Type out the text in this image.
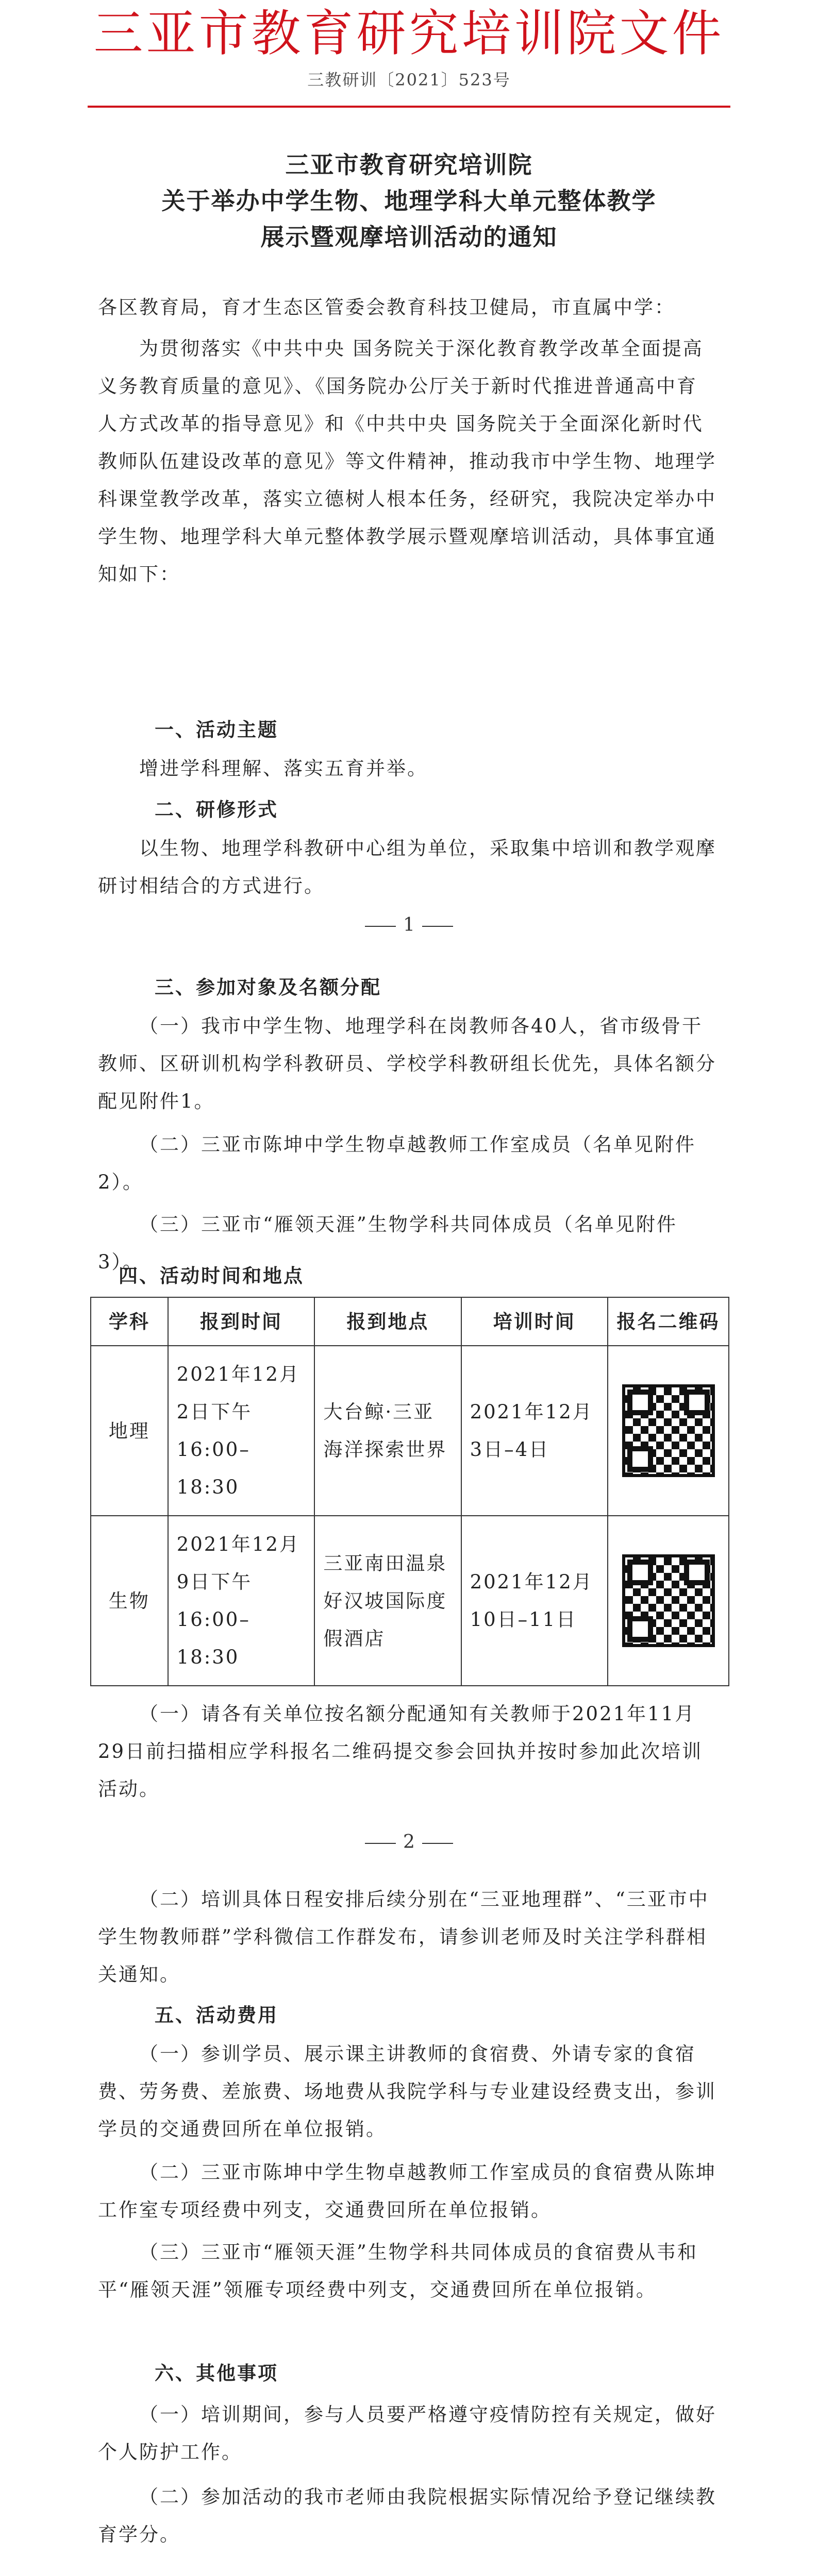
三亚市教育研究培训院文件
三教研训〔2021〕523号
三亚市教育研究培训院
关于举办中学生物、地理学科大单元整体教学
展示暨观摩培训活动的通知
各区教育局，育才生态区管委会教育科技卫健局，市直属中学：
为贯彻落实《中共中央 国务院关于深化教育教学改革全面提高义务教育质量的意见》、《国务院办公厅关于新时代推进普通高中育人方式改革的指导意见》和《中共中央 国务院关于全面深化新时代教师队伍建设改革的意见》等文件精神，推动我市中学生物、地理学科课堂教学改革，落实立德树人根本任务，经研究，我院决定举办中学生物、地理学科大单元整体教学展示暨观摩培训活动，具体事宜通知如下：
一、活动主题
增进学科理解、落实五育并举。
二、研修形式
以生物、地理学科教研中心组为单位，采取集中培训和教学观摩研讨相结合的方式进行。
1
三、参加对象及名额分配
（一）我市中学生物、地理学科在岗教师各40人，省市级骨干教师、区研训机构学科教研员、学校学科教研组长优先，具体名额分配见附件1。
（二）三亚市陈坤中学生物卓越教师工作室成员（名单见附件2）。
（三）三亚市“雁领天涯”生物学科共同体成员（名单见附件3）。
四、活动时间和地点
学科	报到时间	报到地点	培训时间	报名二维码
地理	2021年12月2日下午16:00–18:30	大台鲸·三亚海洋探索世界	2021年12月3日–4日	

生物	2021年12月9日下午16:00–18:30	三亚南田温泉好汉坡国际度假酒店	2021年12月10日–11日	
（一）请各有关单位按名额分配通知有关教师于2021年11月29日前扫描相应学科报名二维码提交参会回执并按时参加此次培训活动。
2
（二）培训具体日程安排后续分别在“三亚地理群”、“三亚市中学生物教师群”学科微信工作群发布，请参训老师及时关注学科群相关通知。
五、活动费用
（一）参训学员、展示课主讲教师的食宿费、外请专家的食宿费、劳务费、差旅费、场地费从我院学科与专业建设经费支出，参训学员的交通费回所在单位报销。
（二）三亚市陈坤中学生物卓越教师工作室成员的食宿费从陈坤工作室专项经费中列支，交通费回所在单位报销。
（三）三亚市“雁领天涯”生物学科共同体成员的食宿费从韦和平“雁领天涯”领雁专项经费中列支，交通费回所在单位报销。
六、其他事项
（一）培训期间，参与人员要严格遵守疫情防控有关规定，做好个人防护工作。
（二）参加活动的我市老师由我院根据实际情况给予登记继续教育学分。
